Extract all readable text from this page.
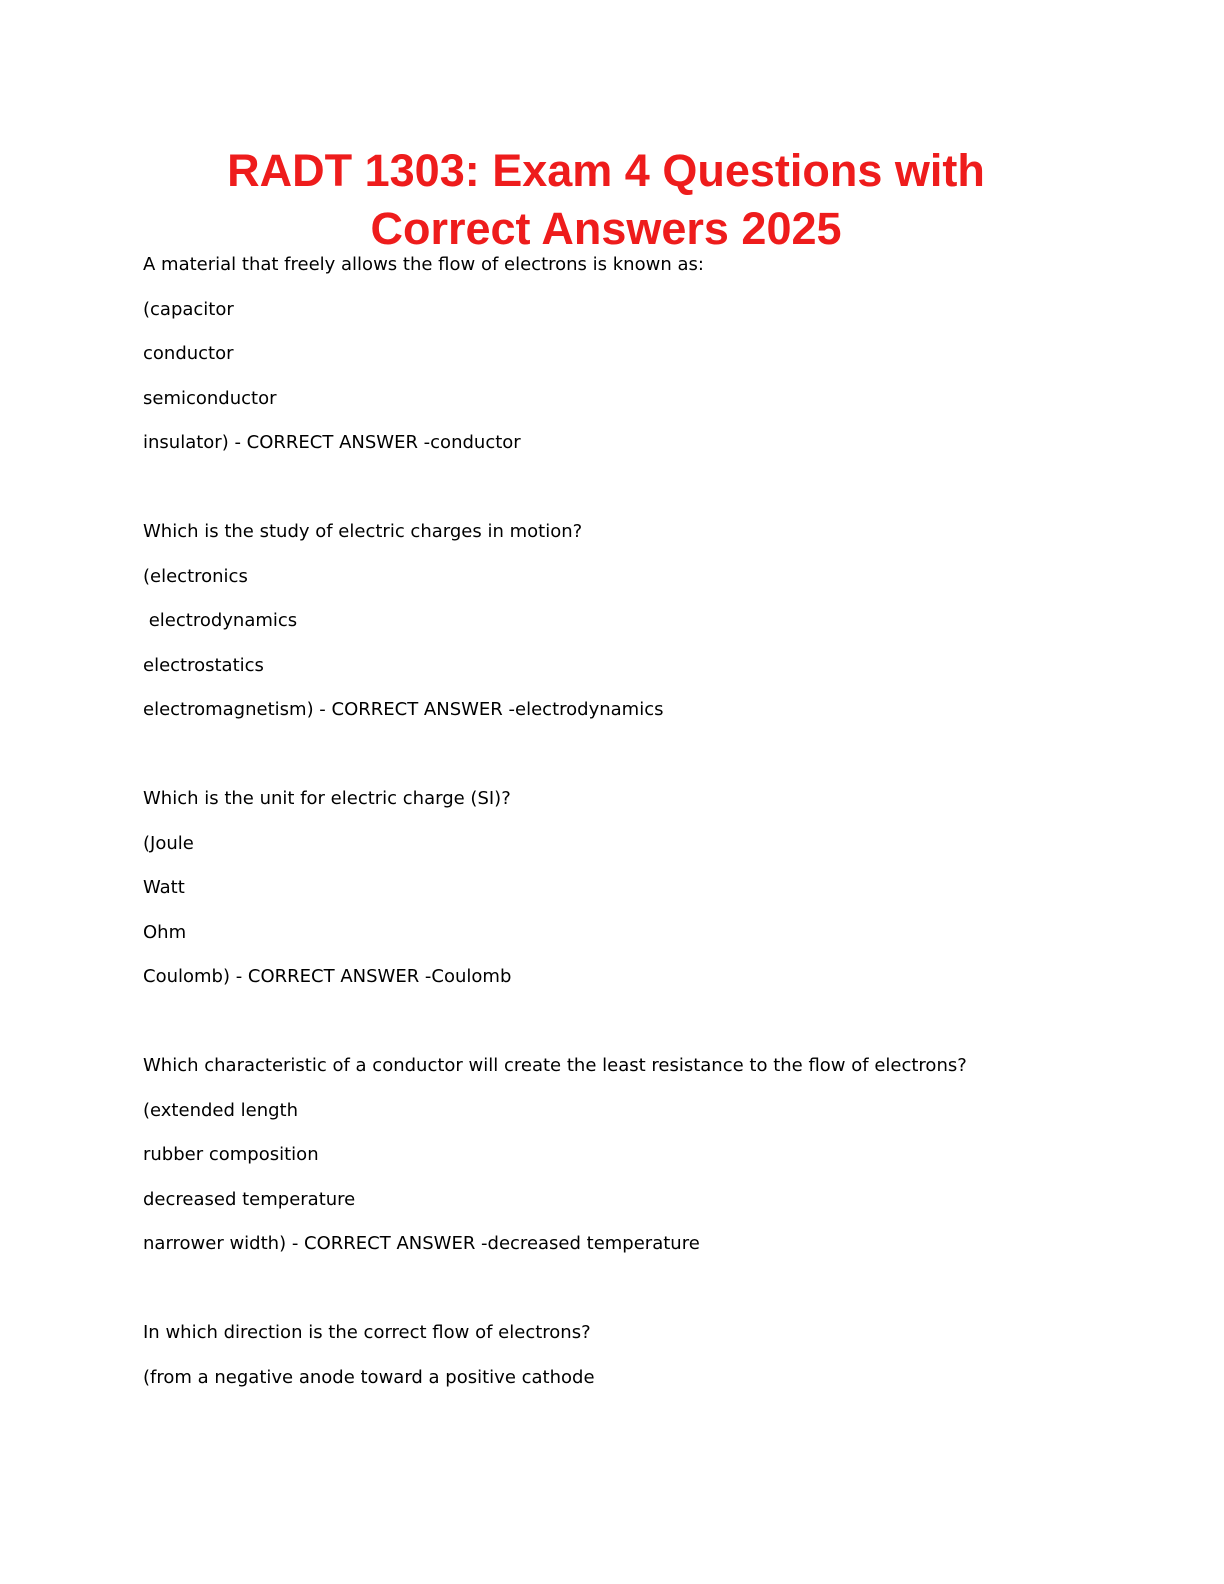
RADT 1303: Exam 4 Questions with
Correct Answers 2025
A material that freely allows the flow of electrons is known as:
(capacitor
conductor
semiconductor
insulator) - CORRECT ANSWER -conductor
Which is the study of electric charges in motion?
(electronics
electrodynamics
electrostatics
electromagnetism) - CORRECT ANSWER -electrodynamics
Which is the unit for electric charge (SI)?
(Joule
Watt
Ohm
Coulomb) - CORRECT ANSWER -Coulomb
Which characteristic of a conductor will create the least resistance to the flow of electrons?
(extended length
rubber composition
decreased temperature
narrower width) - CORRECT ANSWER -decreased temperature
In which direction is the correct flow of electrons?
(from a negative anode toward a positive cathode
